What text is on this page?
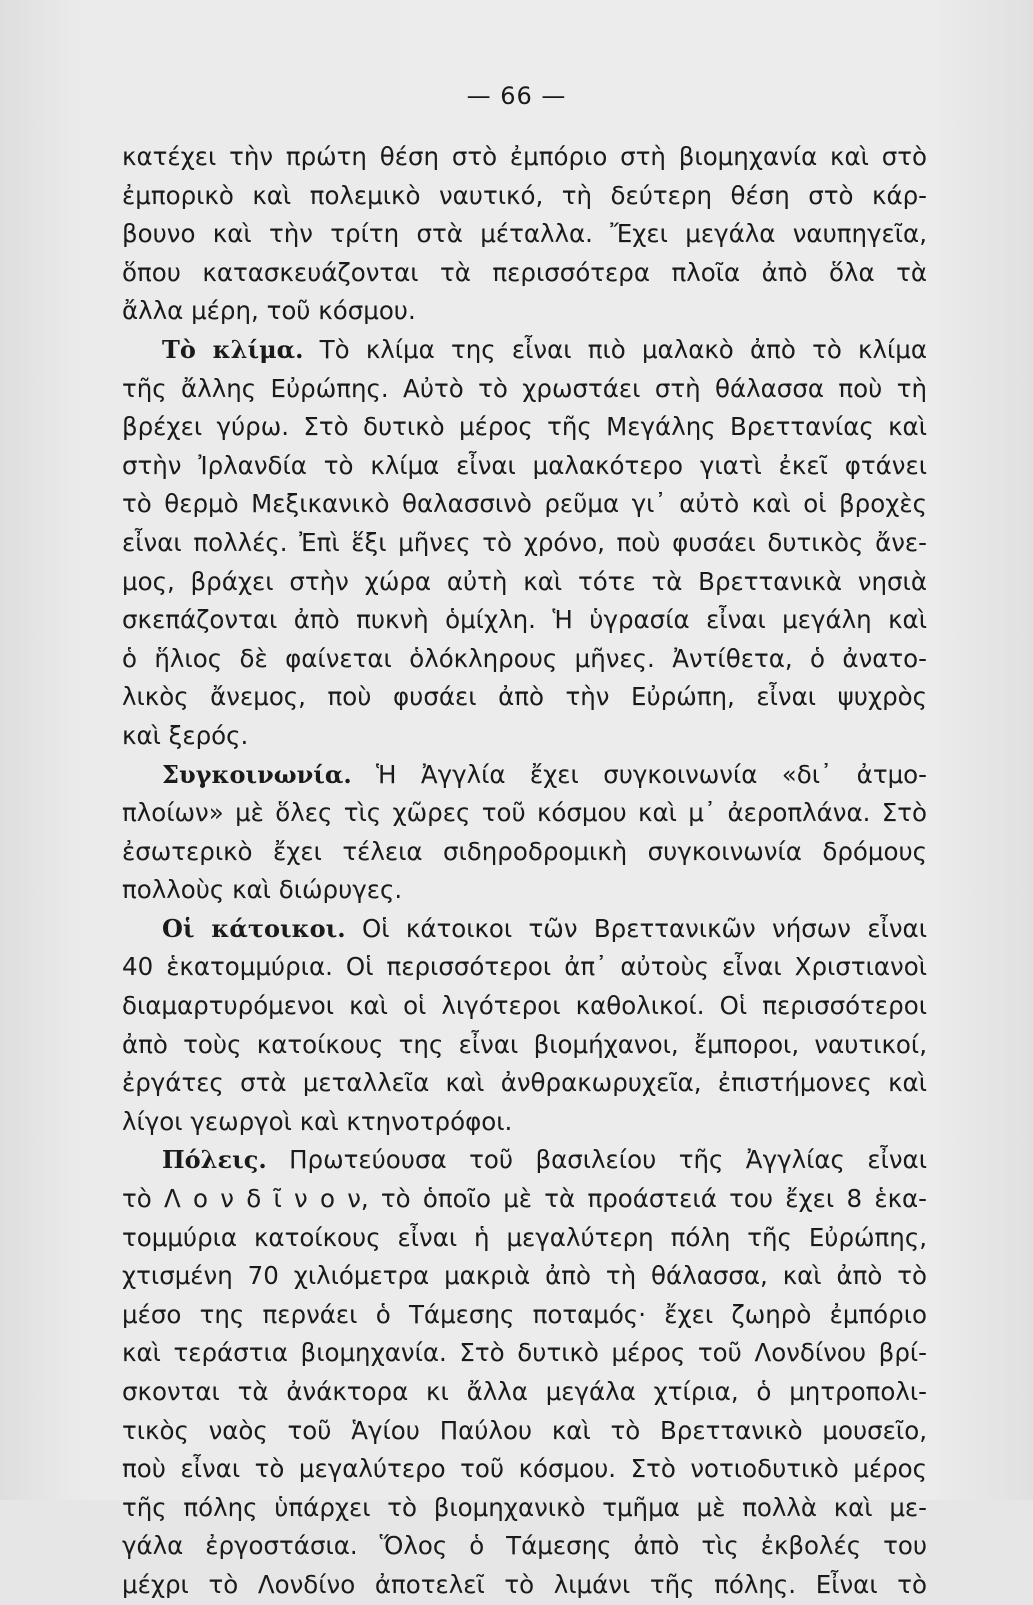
— 66 —
κατέχει τὴν πρώτη θέση στὸ ἐμπόριο στὴ βιομηχανία καὶ στὸ
ἐμπορικὸ καὶ πολεμικὸ ναυτικό, τὴ δεύτερη θέση στὸ κάρ-
βουνο καὶ τὴν τρίτη στὰ μέταλλα. Ἔχει μεγάλα ναυπηγεῖα,
ὅπου κατασκευάζονται τὰ περισσότερα πλοῖα ἀπὸ ὅλα τὰ
ἄλλα μέρη, τοῦ κόσμου.
Τὸ κλίμα. Τὸ κλίμα της εἶναι πιὸ μαλακὸ ἀπὸ τὸ κλίμα
τῆς ἄλλης Εὐρώπης. Αὐτὸ τὸ χρωστάει στὴ θάλασσα ποὺ τὴ
βρέχει γύρω. Στὸ δυτικὸ μέρος τῆς Μεγάλης Βρεττανίας καὶ
στὴν Ἰρλανδία τὸ κλίμα εἶναι μαλακότερο γιατὶ ἐκεῖ φτάνει
τὸ θερμὸ Μεξικανικὸ θαλασσινὸ ρεῦμα γι᾽ αὐτὸ καὶ οἱ βροχὲς
εἶναι πολλές. Ἐπὶ ἕξι μῆνες τὸ χρόνο, ποὺ φυσάει δυτικὸς ἄνε-
μος, βράχει στὴν χώρα αὐτὴ καὶ τότε τὰ Βρεττανικὰ νησιὰ
σκεπάζονται ἀπὸ πυκνὴ ὁμίχλη. Ἡ ὑγρασία εἶναι μεγάλη καὶ
ὁ ἥλιος δὲ φαίνεται ὁλόκληρους μῆνες. Ἀντίθετα, ὁ ἀνατο-
λικὸς ἄνεμος, ποὺ φυσάει ἀπὸ τὴν Εὐρώπη, εἶναι ψυχρὸς
καὶ ξερός.
Συγκοινωνία. Ἡ Ἀγγλία ἔχει συγκοινωνία «δι᾽ ἀτμο-
πλοίων» μὲ ὅλες τὶς χῶρες τοῦ κόσμου καὶ μ᾽ ἀεροπλάνα. Στὸ
ἐσωτερικὸ ἔχει τέλεια σιδηροδρομικὴ συγκοινωνία δρόμους
πολλοὺς καὶ διώρυγες.
Οἱ κάτοικοι. Οἱ κάτοικοι τῶν Βρεττανικῶν νήσων εἶναι
40 ἑκατομμύρια. Οἱ περισσότεροι ἀπ᾽ αὐτοὺς εἶναι Χριστιανοὶ
διαμαρτυρόμενοι καὶ οἱ λιγότεροι καθολικοί. Οἱ περισσότεροι
ἀπὸ τοὺς κατοίκους της εἶναι βιομήχανοι, ἔμποροι, ναυτικοί,
ἐργάτες στὰ μεταλλεῖα καὶ ἀνθρακωρυχεῖα, ἐπιστήμονες καὶ
λίγοι γεωργοὶ καὶ κτηνοτρόφοι.
Πόλεις. Πρωτεύουσα τοῦ βασιλείου τῆς Ἀγγλίας εἶναι
τὸ Λ ο ν δ ῖ ν ο ν, τὸ ὁποῖο μὲ τὰ προάστειά του ἔχει 8 ἑκα-
τομμύρια κατοίκους εἶναι ἡ μεγαλύτερη πόλη τῆς Εὐρώπης,
χτισμένη 70 χιλιόμετρα μακριὰ ἀπὸ τὴ θάλασσα, καὶ ἀπὸ τὸ
μέσο της περνάει ὁ Τάμεσης ποταμός· ἔχει ζωηρὸ ἐμπόριο
καὶ τεράστια βιομηχανία. Στὸ δυτικὸ μέρος τοῦ Λονδίνου βρί-
σκονται τὰ ἀνάκτορα κι ἄλλα μεγάλα χτίρια, ὁ μητροπολι-
τικὸς ναὸς τοῦ Ἁγίου Παύλου καὶ τὸ Βρεττανικὸ μουσεῖο,
ποὺ εἶναι τὸ μεγαλύτερο τοῦ κόσμου. Στὸ νοτιοδυτικὸ μέρος
τῆς πόλης ὑπάρχει τὸ βιομηχανικὸ τμῆμα μὲ πολλὰ καὶ με-
γάλα ἐργοστάσια. Ὅλος ὁ Τάμεσης ἀπὸ τὶς ἐκβολές του
μέχρι τὸ Λονδίνο ἀποτελεῖ τὸ λιμάνι τῆς πόλης. Εἶναι τὸ
